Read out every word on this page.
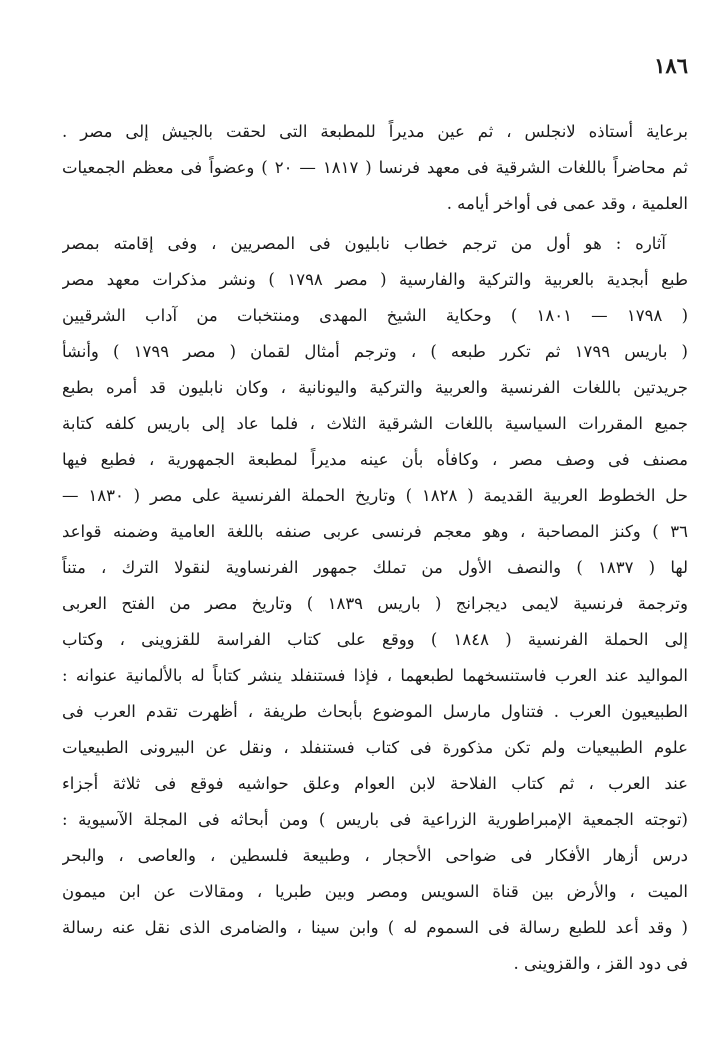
١٨٦
برعاية أستاذه لانجلس ، ثم عين مديراً للمطبعة التى لحقت بالجيش إلى مصر .
ثم محاضراً باللغات الشرقية فى معهد فرنسا ( ١٨١٧ — ٢٠ ) وعضواً فى معظم الجمعيات
العلمية ، وقد عمى فى أواخر أيامه .
آثاره : هو أول من ترجم خطاب نابليون فى المصريين ، وفى إقامته بمصر
طبع أبجدية بالعربية والتركية والفارسية ( مصر ١٧٩٨ ) ونشر مذكرات معهد مصر
( ١٧٩٨ — ١٨٠١ ) وحكاية الشيخ المهدى ومنتخبات من آداب الشرقيين
( باريس ١٧٩٩ ثم تكرر طبعه ) ، وترجم أمثال لقمان ( مصر ١٧٩٩ ) وأنشأ
جريدتين باللغات الفرنسية والعربية والتركية واليونانية ، وكان نابليون قد أمره بطبع
جميع المقررات السياسية باللغات الشرقية الثلاث ، فلما عاد إلى باريس كلفه كتابة
مصنف فى وصف مصر ، وكافأه بأن عينه مديراً لمطبعة الجمهورية ، فطبع فيها
حل الخطوط العربية القديمة ( ١٨٢٨ ) وتاريخ الحملة الفرنسية على مصر ( ١٨٣٠ —
٣٦ ) وكنز المصاحبة ، وهو معجم فرنسى عربى صنفه باللغة العامية وضمنه قواعد
لها ( ١٨٣٧ ) والنصف الأول من تملك جمهور الفرنساوية لنقولا الترك ، متناً
وترجمة فرنسية لايمى ديجرانج ( باريس ١٨٣٩ ) وتاريخ مصر من الفتح العربى
إلى الحملة الفرنسية ( ١٨٤٨ ) ووقع على كتاب الفراسة للقزوينى ، وكتاب
المواليد عند العرب فاستنسخهما لطبعهما ، فإذا فستنفلد ينشر كتاباً له بالألمانية عنوانه :
الطبيعيون العرب . فتناول مارسل الموضوع بأبحاث طريفة ، أظهرت تقدم العرب فى
علوم الطبيعيات ولم تكن مذكورة فى كتاب فستنفلد ، ونقل عن البيرونى الطبيعيات
عند العرب ، ثم كتاب الفلاحة لابن العوام وعلق حواشيه فوقع فى ثلاثة أجزاء
(توجته الجمعية الإمبراطورية الزراعية فى باريس ) ومن أبحاثه فى المجلة الآسيوية :
درس أزهار الأفكار فى ضواحى الأحجار ، وطبيعة فلسطين ، والعاصى ، والبحر
الميت ، والأرض بين قناة السويس ومصر وبين طبريا ، ومقالات عن ابن ميمون
( وقد أعد للطبع رسالة فى السموم له ) وابن سينا ، والضامرى الذى نقل عنه رسالة
فى دود القز ، والقزوينى .
